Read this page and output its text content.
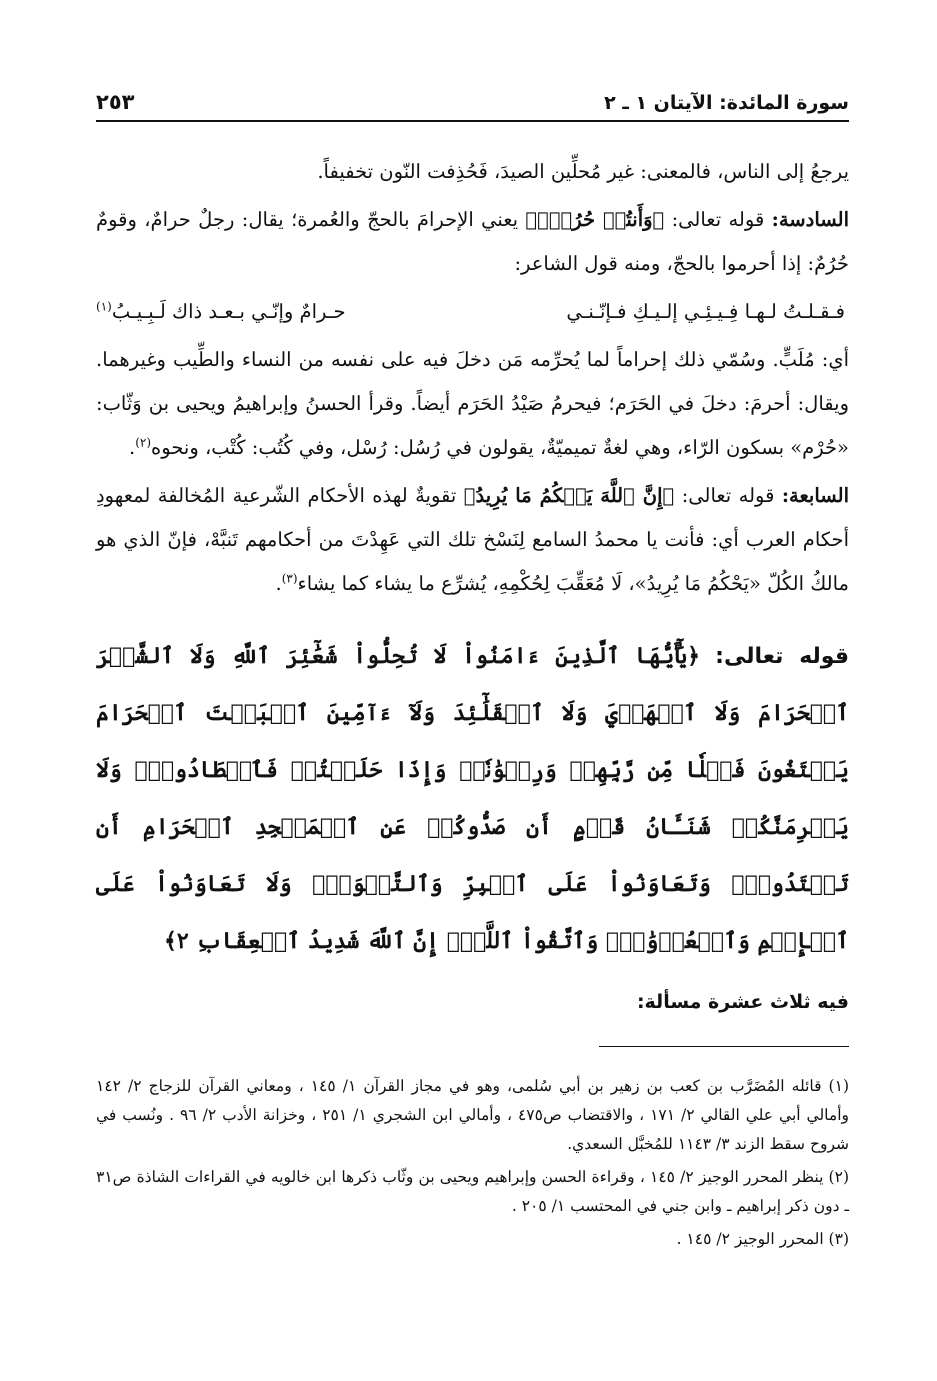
سورة المائدة: الآيتان ١ ـ ٢
٢٥٣

يرجعُ إلى الناس، فالمعنى: غير مُحلِّين الصيدَ، فَحُذِفت النّون تخفيفاً.

السادسة: قوله تعالى: ﴿وَأَنتُمۡ حُرُمٌۗ﴾ يعني الإحرامَ بالحجّ والعُمرة؛ يقال: رجلٌ حرامٌ، وقومٌ حُرُمٌ: إذا أحرموا بالحجّ، ومنه قول الشاعر:

فـقـلـتُ لـهـا فِـيـئِـي إلـيـكِ فـإنّـنـي
حـرامٌ وإنّـي بـعـد ذاك لَـبِـيـبُ$^{(١)}$

أي: مُلَبٍّ. وسُمّي ذلك إحراماً لما يُحرِّمه مَن دخلَ فيه على نفسه من النساء والطِّيب وغيرهما. ويقال: أحرمَ: دخلَ في الحَرَم؛ فيحرمُ صَيْدُ الحَرَم أيضاً. وقرأ الحسنُ وإبراهيمُ ويحيى بن وَثّاب: «حُرْم» بسكون الرّاء، وهي لغةٌ تميميّةٌ، يقولون في رُسُل: رُسْل، وفي كُتُب: كُتْب، ونحوه$^{(٢)}$.

السابعة: قوله تعالى: ﴿إِنَّ ٱللَّهَ يَحۡكُمُ مَا يُرِيدُ﴾ تقويةٌ لهذه الأحكام الشّرعية المُخالفة لمعهودِ أحكام العرب أي: فأنت يا محمدُ السامع لِنَسْخ تلك التي عَهِدْتَ من أحكامهم تَنبَّهْ، فإنّ الذي هو مالكُ الكُلّ «يَحْكُمُ مَا يُرِيدُ»، لَا مُعَقِّبَ لِحُكْمِهِ، يُشرِّع ما يشاء كما يشاء$^{(٣)}$.

قوله تعالى: ﴿يَٰٓأَيُّهَا ٱلَّذِينَ ءَامَنُواْ لَا تُحِلُّواْ شَعَٰٓئِرَ ٱللَّهِ وَلَا ٱلشَّهۡرَ ٱلۡحَرَامَ وَلَا ٱلۡهَدۡيَ وَلَا ٱلۡقَلَٰٓئِدَ وَلَآ ءَآمِّينَ ٱلۡبَيۡتَ ٱلۡحَرَامَ يَبۡتَغُونَ فَضۡلٗا مِّن رَّبِّهِمۡ وَرِضۡوَٰنٗاۚ وَإِذَا حَلَلۡتُمۡ فَٱصۡطَادُواْۚ وَلَا يَجۡرِمَنَّكُمۡ شَنَـَٔانُ قَوۡمٍ أَن صَدُّوكُمۡ عَنِ ٱلۡمَسۡجِدِ ٱلۡحَرَامِ أَن تَعۡتَدُواْۘ وَتَعَاوَنُواْ عَلَى ٱلۡبِرِّ وَٱلتَّقۡوَىٰۖ وَلَا تَعَاوَنُواْ عَلَى ٱلۡإِثۡمِ وَٱلۡعُدۡوَٰنِۚ وَٱتَّقُواْ ٱللَّهَۖ إِنَّ ٱللَّهَ شَدِيدُ ٱلۡعِقَابِ ٢﴾
فيه ثلاث عشرة مسألة:

(١) قائله المُضَرَّب بن كعب بن زهير بن أبي سُلمى، وهو في مجاز القرآن ١/ ١٤٥ ، ومعاني القرآن للزجاج ٢/ ١٤٢ وأمالي أبي علي القالي ٢/ ١٧١ ، والاقتضاب ص٤٧٥ ، وأمالي ابن الشجري ١/ ٢٥١ ، وخزانة الأدب ٢/ ٩٦ . ونُسب في شروح سقط الزند ٣/ ١١٤٣ للمُخبَّل السعدي.

(٢) ينظر المحرر الوجيز ٢/ ١٤٥ ، وقراءة الحسن وإبراهيم ويحيى بن وثّاب ذكرها ابن خالويه في القراءات الشاذة ص٣١ ـ دون ذكر إبراهيم ـ وابن جني في المحتسب ١/ ٢٠٥ .

(٣) المحرر الوجيز ٢/ ١٤٥ .
